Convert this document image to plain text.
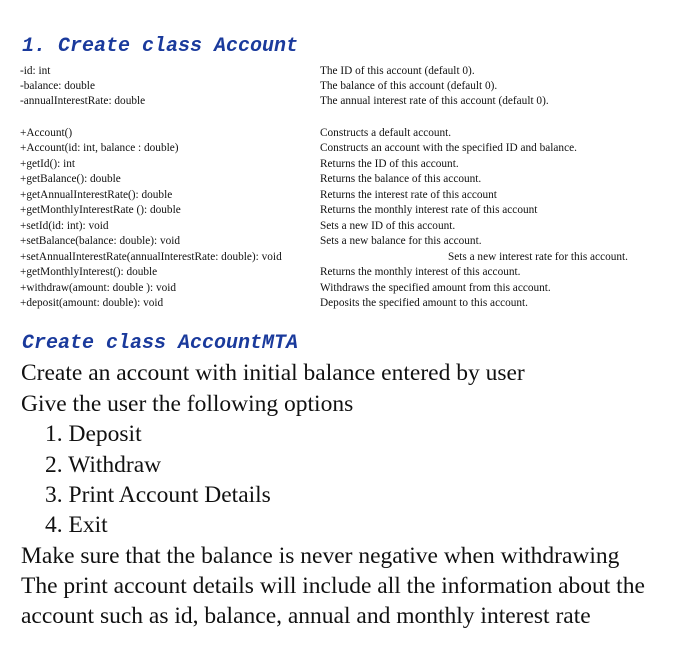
1. Create class Account
-id: int	The ID of this account (default 0).
-balance: double	The balance of this account (default 0).
-annualInterestRate: double	The annual interest rate of this account (default 0).
+Account()	Constructs a default account.
+Account(id: int, balance : double)	Constructs an account with the specified ID and balance.
+getId(): int	Returns the ID of this account.
+getBalance(): double	Returns the balance of this account.
+getAnnualInterestRate(): double	Returns the interest rate of this account
+getMonthlyInterestRate (): double	Returns the monthly interest rate of this account
+setId(id: int): void	Sets a new ID of this account.
+setBalance(balance: double): void	Sets a new balance for this account.
+setAnnualInterestRate(annualInterestRate: double): void	Sets a new interest rate for this account.
+getMonthlyInterest(): double	Returns the monthly interest of this account.
+withdraw(amount: double ): void	Withdraws the specified amount from this account.
+deposit(amount: double): void	Deposits the specified amount to this account.
Create class AccountMTA
Create an account with initial balance entered by user
Give the user the following options
1. Deposit
2. Withdraw
3. Print Account Details
4. Exit
Make sure that the balance is never negative when withdrawing
The print account details will include all the information about the
account such as id, balance, annual and monthly interest rate
